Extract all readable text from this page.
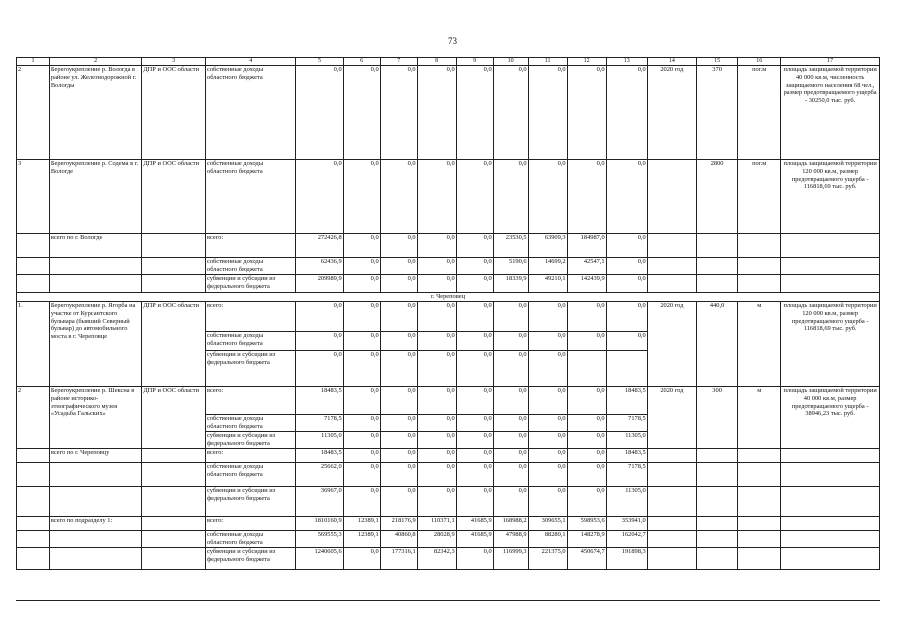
73
1	2	3	4	5	6	7	8	9	10	11	12	13	14	15	16	17
2	Берегоукрепление р. Вологда в районе ул. Железнодорожной г. Вологды	ДПР и ООС области	собственные доходы областного бюджета	0,0	0,0	0,0	0,0	0,0	0,0	0,0	0,0	0,0	2020 год	370	пог.м	площадь защищаемой территории 40 000 кв.м, численность защищаемого населения 68 чел., размер предотвращаемого ущерба - 30250,0 тыс. руб.
3	Берегоукрепление р. Содема в г. Вологде	ДПР и ООС области	собственные доходы областного бюджета	0,0	0,0	0,0	0,0	0,0	0,0	0,0	0,0	0,0		2800	пог.м	площадь защищаемой территории 120 000 кв.м, размер предотвращаемого ущерба - 116818,69 тыс. руб.
	всего по г. Вологде		всего:	272426,8	0,0	0,0	0,0	0,0	23530,5	63909,3	184987,0	0,0				
			собственные доходы областного бюджета	62436,9	0,0	0,0	0,0	0,0	5190,6	14699,2	42547,1	0,0				
			субвенции и субсидии из федерального бюджета	209989,9	0,0	0,0	0,0	0,0	18339,9	49210,1	142439,9	0,0				
г. Череповец																
1.	Берегоукрепление р. Ягорба на участке от Курсантского бульвара (бывший Северный бульвар) до автомобильного моста в г. Череповце	ДПР и ООС области	всего:	0,0	0,0	0,0	0,0	0,0	0,0	0,0	0,0	0,0	2020 год	440,0	м	площадь защищаемой территории 120 000 кв.м, размер предотвращаемого ущерба - 116818,69 тыс. руб.
			собственные доходы областного бюджета	0,0	0,0	0,0	0,0	0,0	0,0	0,0	0,0	0,0				
			субвенции и субсидии из федерального бюджета	0,0	0,0	0,0	0,0	0,0	0,0	0,0						
2	Берегоукрепление р. Шексна в районе историко-этнографического музея «Усадьба Гальских»	ДПР и ООС области	всего:	18483,5	0,0	0,0	0,0	0,0	0,0	0,0	0,0	18483,5	2020 год	300	м	площадь защищаемой территории 40 000 кв.м, размер предотвращаемого ущерба - 38946,23 тыс. руб.
			собственные доходы областного бюджета	7178,5	0,0	0,0	0,0	0,0	0,0	0,0	0,0	7178,5				
			субвенции и субсидии из федерального бюджета	11305,0	0,0	0,0	0,0	0,0	0,0	0,0	0,0	11305,0				
	всего по г. Череповцу		всего:	18483,5	0,0	0,0	0,0	0,0	0,0	0,0	0,0	18483,5				
			собственные доходы областного бюджета	25662,0	0,0	0,0	0,0	0,0	0,0	0,0	0,0	7178,5				
			субвенции и субсидии из федерального бюджета	36967,0	0,0	0,0	0,0	0,0	0,0	0,0	0,0	11305,0				
	всего по подразделу 1:		всего:	1810160,9	12389,1	218176,9	110371,1	41685,9	168988,2	309655,1	598953,6	353941,0				
			собственные доходы областного бюджета	569555,3	12389,1	40860,8	28028,9	41685,9	47988,9	88280,1	148278,9	162042,7				
			субвенции и субсидии из федерального бюджета	1240605,6	0,0	177316,1	82342,3	0,0	116999,3	221375,0	450674,7	191898,3				
